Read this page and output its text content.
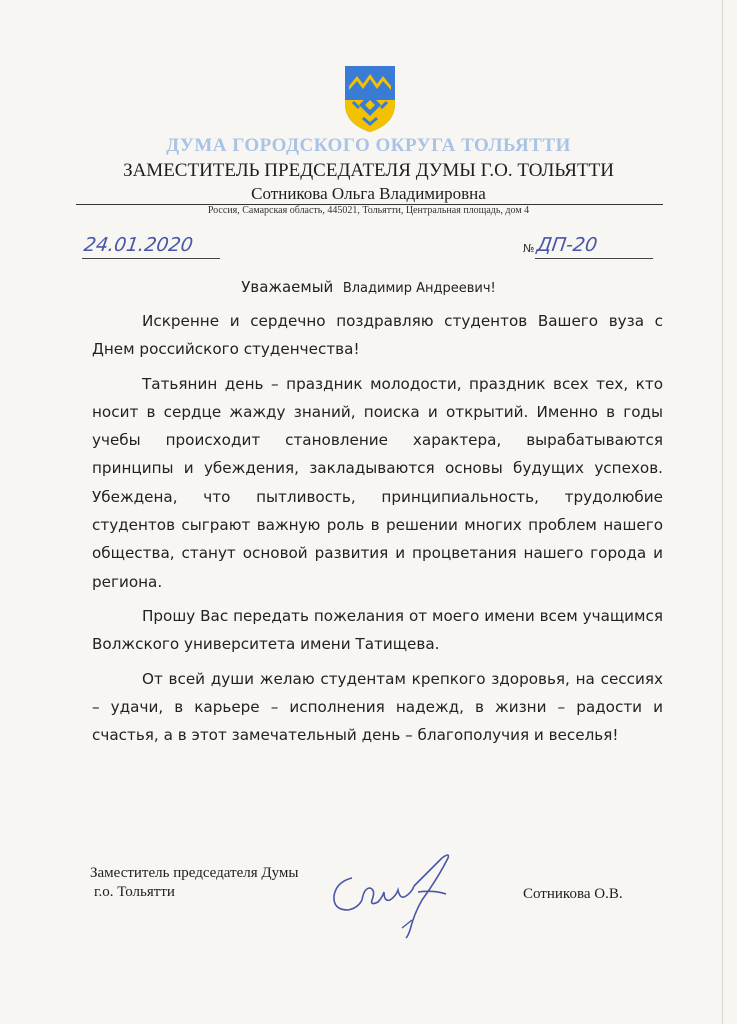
ДУМА ГОРОДСКОГО ОКРУГА ТОЛЬЯТТИ
ЗАМЕСТИТЕЛЬ ПРЕДСЕДАТЕЛЯ ДУМЫ Г.О. ТОЛЬЯТТИ
Сотникова Ольга Владимировна
Россия, Самарская область, 445021, Тольятти, Центральная площадь, дом 4
24.01.2020	№ ДП-20
Уважаемый Владимир Андреевич!

Искренне и сердечно поздравляю студентов Вашего вуза с Днем российского студенчества!

Татьянин день – праздник молодости, праздник всех тех, кто носит в сердце жажду знаний, поиска и открытий. Именно в годы учебы происходит становление характера, вырабатываются принципы и убеждения, закладываются основы будущих успехов. Убеждена, что пытливость, принципиальность, трудолюбие студентов сыграют важную роль в решении многих проблем нашего общества, станут основой развития и процветания нашего города и региона.

Прошу Вас передать пожелания от моего имени всем учащимся Волжского университета имени Татищева.

От всей души желаю студентам крепкого здоровья, на сессиях – удачи, в карьере – исполнения надежд, в жизни – радости и счастья, а в этот замечательный день – благополучия и веселья!

Заместитель председателя Думы
г.о. Тольятти	Сотникова О.В.
